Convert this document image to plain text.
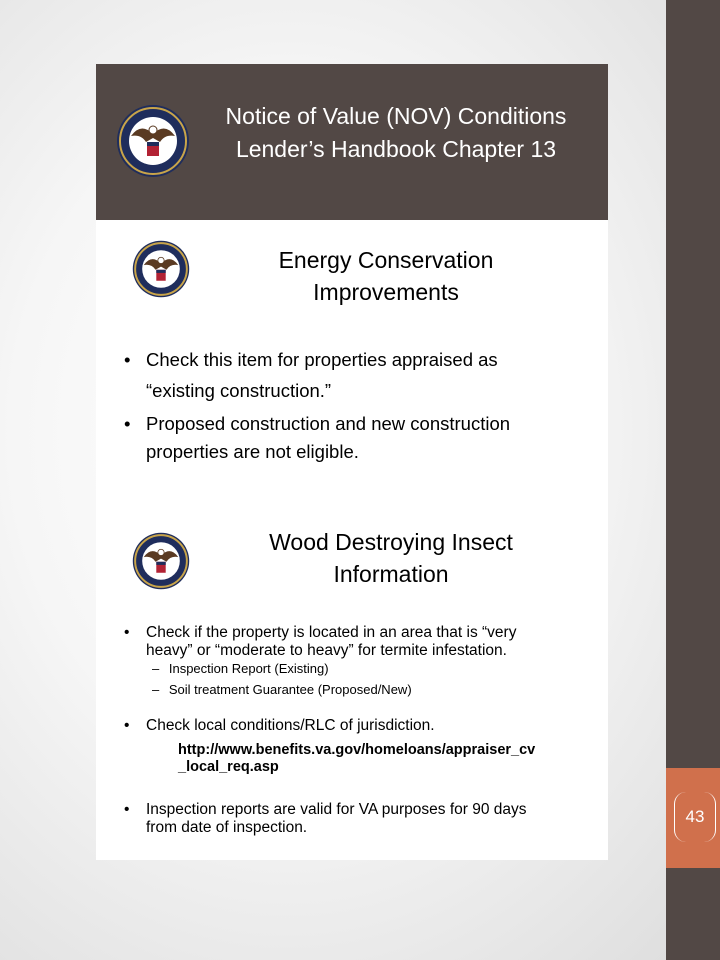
43
Notice of Value (NOV) Conditions
Lender’s Handbook Chapter 13
Energy Conservation
Improvements
• Check this item for properties appraised as
“existing construction.”
• Proposed construction and new construction
properties are not eligible.
Wood Destroying Insect
Information
• Check if the property is located in an area that is “very
heavy” or “moderate to heavy” for termite infestation.
– Inspection Report (Existing)
– Soil treatment Guarantee (Proposed/New)
•	Check local conditions/RLC of jurisdiction.
http://www.benefits.va.gov/homeloans/appraiser_cv
_local_req.asp
• Inspection reports are valid for VA purposes for 90 days
from date of inspection.
